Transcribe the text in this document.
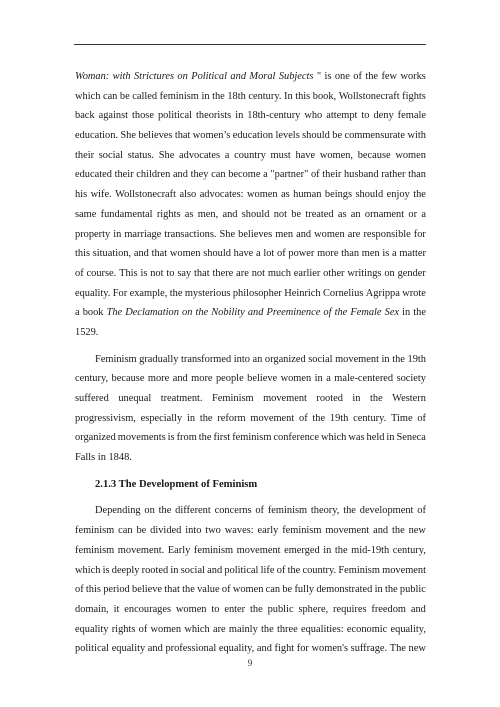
Woman: with Strictures on Political and Moral Subjects " is one of the few works
which can be called feminism in the 18th century. In this book, Wollstonecraft fights
back against those political theorists in 18th-century who attempt to deny female
education. She believes that women’s education levels should be commensurate with
their social status. She advocates a country must have women, because women
educated their children and they can become a "partner" of their husband rather than
his wife. Wollstonecraft also advocates: women as human beings should enjoy the
same fundamental rights as men, and should not be treated as an ornament or a
property in marriage transactions. She believes men and women are responsible for
this situation, and that women should have a lot of power more than men is a matter
of course. This is not to say that there are not much earlier other writings on gender
equality. For example, the mysterious philosopher Heinrich Cornelius Agrippa wrote
a book The Declamation on the Nobility and Preeminence of the Female Sex in the
1529.
Feminism gradually transformed into an organized social movement in the 19th
century, because more and more people believe women in a male-centered society
suffered unequal treatment. Feminism movement rooted in the Western
progressivism, especially in the reform movement of the 19th century. Time of
organized movements is from the first feminism conference which was held in Seneca
Falls in 1848.
2.1.3 The Development of Feminism
Depending on the different concerns of feminism theory, the development of
feminism can be divided into two waves: early feminism movement and the new
feminism movement. Early feminism movement emerged in the mid-19th century,
which is deeply rooted in social and political life of the country. Feminism movement
of this period believe that the value of women can be fully demonstrated in the public
domain, it encourages women to enter the public sphere, requires freedom and
equality rights of women which are mainly the three equalities: economic equality,
political equality and professional equality, and fight for women's suffrage. The new
9
